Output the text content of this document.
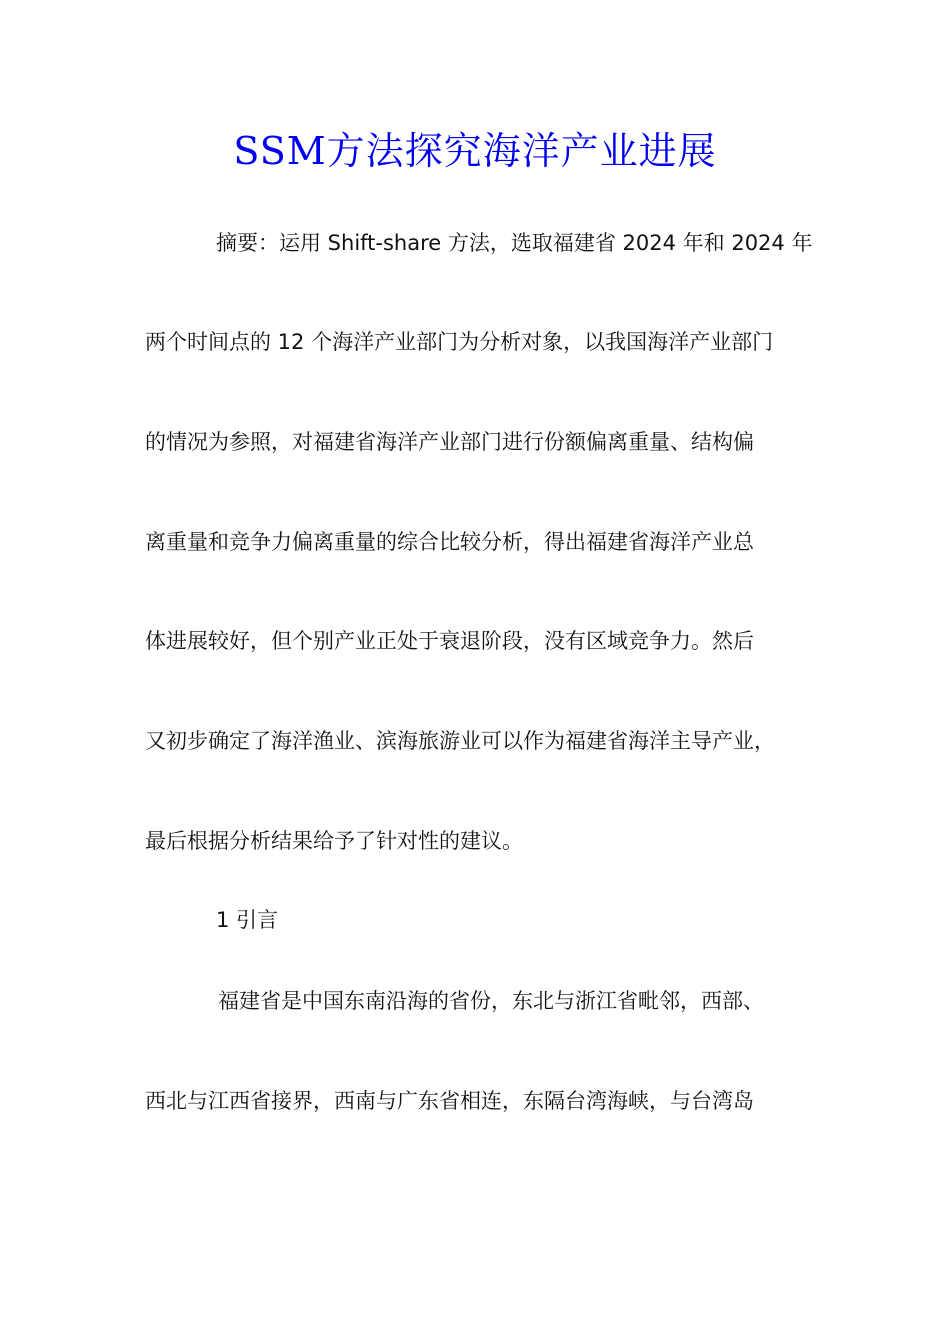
SSM方法探究海洋产业进展
摘要：运用 Shift-share 方法，选取福建省 2024 年和 2024 年
两个时间点的 12 个海洋产业部门为分析对象，以我国海洋产业部门
的情况为参照，对福建省海洋产业部门进行份额偏离重量、结构偏
离重量和竞争力偏离重量的综合比较分析，得出福建省海洋产业总
体进展较好，但个别产业正处于衰退阶段，没有区域竞争力。然后
又初步确定了海洋渔业、滨海旅游业可以作为福建省海洋主导产业，
最后根据分析结果给予了针对性的建议。
1 引言
福建省是中国东南沿海的省份，东北与浙江省毗邻，西部、
西北与江西省接界，西南与广东省相连，东隔台湾海峡，与台湾岛
